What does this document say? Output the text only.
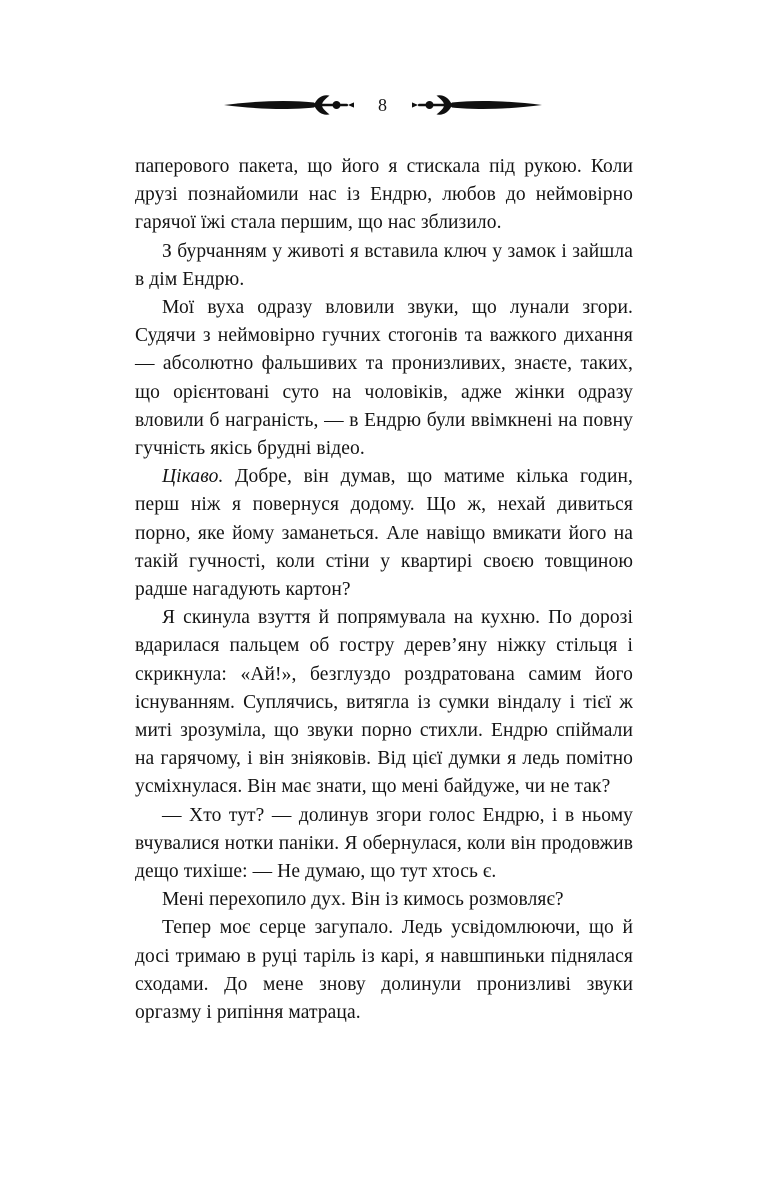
8

паперового пакета, що його я стискала під рукою. Коли друзі познайомили нас із Ендрю, любов до неймовірно гарячої їжі стала першим, що нас зблизило.

З бурчанням у животі я вставила ключ у замок і зайшла в дім Ендрю.

Мої вуха одразу вловили звуки, що лунали згори. Судячи з неймовірно гучних стогонів та важкого дихання — абсолютно фальшивих та пронизливих, знаєте, таких, що орієнтовані суто на чоловіків, адже жінки одразу вловили б награність, — в Ендрю були ввімкнені на повну гучність якісь брудні відео.

Цікаво. Добре, він думав, що матиме кілька годин, перш ніж я повернуся додому. Що ж, нехай дивиться порно, яке йому заманеться. Але навіщо вмикати його на такій гучності, коли стіни у квартирі своєю товщиною радше нагадують картон?

Я скинула взуття й попрямувала на кухню. По дорозі вдарилася пальцем об гостру дерев’яну ніжку стільця і скрикнула: «Ай!», безглуздо роздратована самим його існуванням. Суплячись, витягла із сумки віндалу і тієї ж миті зрозуміла, що звуки порно стихли. Ендрю спіймали на гарячому, і він зніяковів. Від цієї думки я ледь помітно усміхнулася. Він має знати, що мені байдуже, чи не так?

— Хто тут? — долинув згори голос Ендрю, і в ньому вчувалися нотки паніки. Я обернулася, коли він продовжив дещо тихіше: — Не думаю, що тут хтось є.

Мені перехопило дух. Він із кимось розмовляє?

Тепер моє серце загупало. Ледь усвідомлюючи, що й досі тримаю в руці таріль із карі, я навшпиньки піднялася сходами. До мене знову долинули пронизливі звуки оргазму і рипіння матраца.
